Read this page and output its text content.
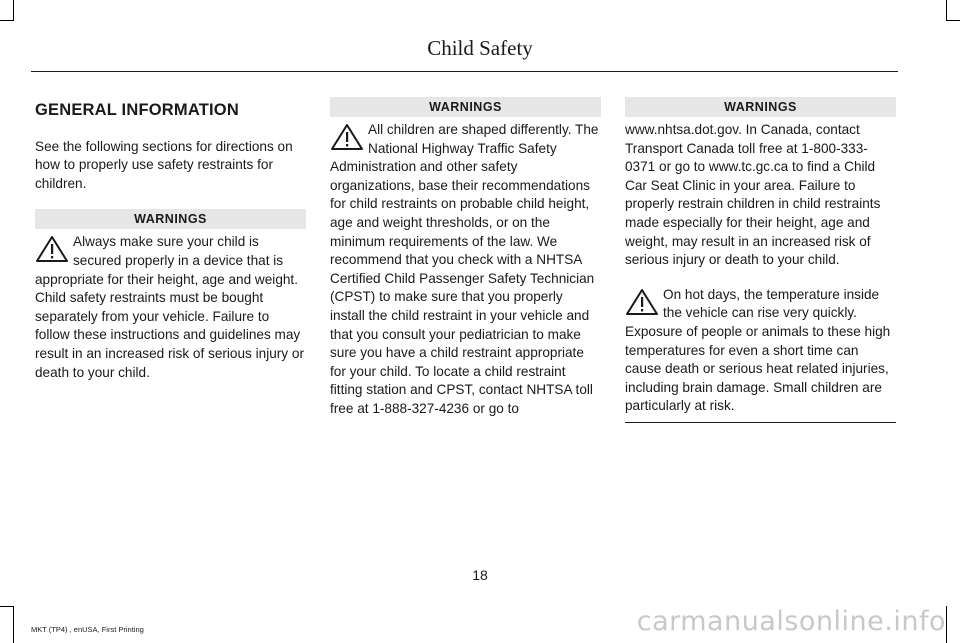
Child Safety
GENERAL INFORMATION
See the following sections for directions on how to properly use safety restraints for children.
WARNINGS
Always make sure your child is secured properly in a device that is appropriate for their height, age and weight. Child safety restraints must be bought separately from your vehicle. Failure to follow these instructions and guidelines may result in an increased risk of serious injury or death to your child.
WARNINGS
All children are shaped differently. The National Highway Traffic Safety Administration and other safety organizations, base their recommendations for child restraints on probable child height, age and weight thresholds, or on the minimum requirements of the law. We recommend that you check with a NHTSA Certified Child Passenger Safety Technician (CPST) to make sure that you properly install the child restraint in your vehicle and that you consult your pediatrician to make sure you have a child restraint appropriate for your child. To locate a child restraint fitting station and CPST, contact NHTSA toll free at 1-888-327-4236 or go to
WARNINGS
www.nhtsa.dot.gov. In Canada, contact Transport Canada toll free at 1-800-333-0371 or go to www.tc.gc.ca to find a Child Car Seat Clinic in your area. Failure to properly restrain children in child restraints made especially for their height, age and weight, may result in an increased risk of serious injury or death to your child.
On hot days, the temperature inside the vehicle can rise very quickly. Exposure of people or animals to these high temperatures for even a short time can cause death or serious heat related injuries, including brain damage. Small children are particularly at risk.
18
MKT (TP4) , enUSA, First Printing	carmanualsonline.info
